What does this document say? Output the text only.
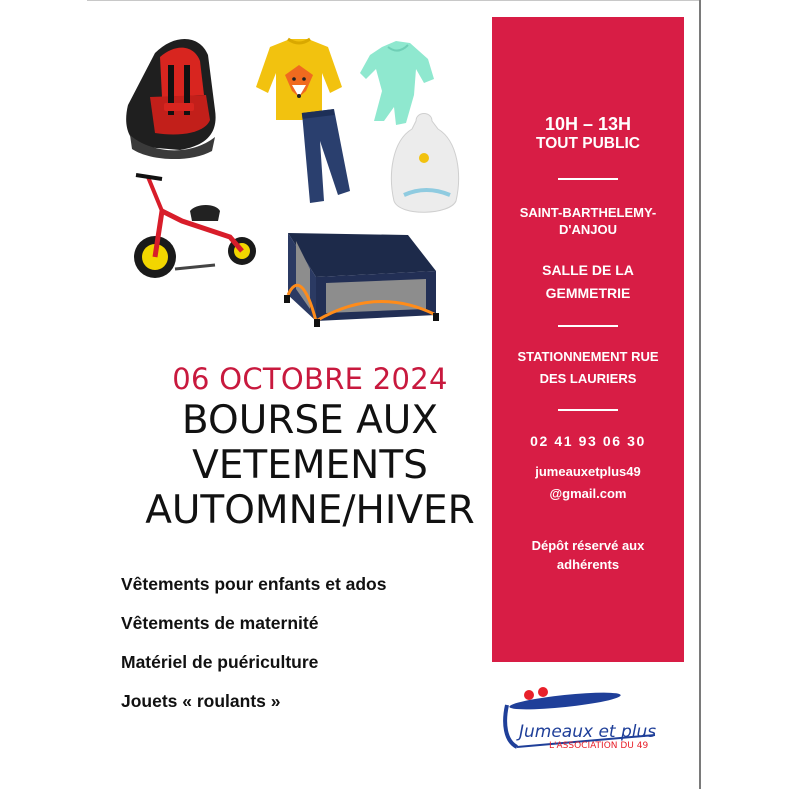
06 OCTOBRE 2024
BOURSE AUX
VETEMENTS
AUTOMNE/HIVER
Vêtements pour enfants et ados
Vêtements de maternité
Matériel de puériculture
Jouets « roulants »
10H – 13H
TOUT PUBLIC
SAINT-BARTHELEMY-
D'ANJOU
SALLE DE LA
GEMMETRIE
STATIONNEMENT RUE
DES LAURIERS
02 41 93 06 30
jumeauxetplus49
@gmail.com
Dépôt réservé aux
adhérents
Jumeaux et plus
L'ASSOCIATION DU 49
